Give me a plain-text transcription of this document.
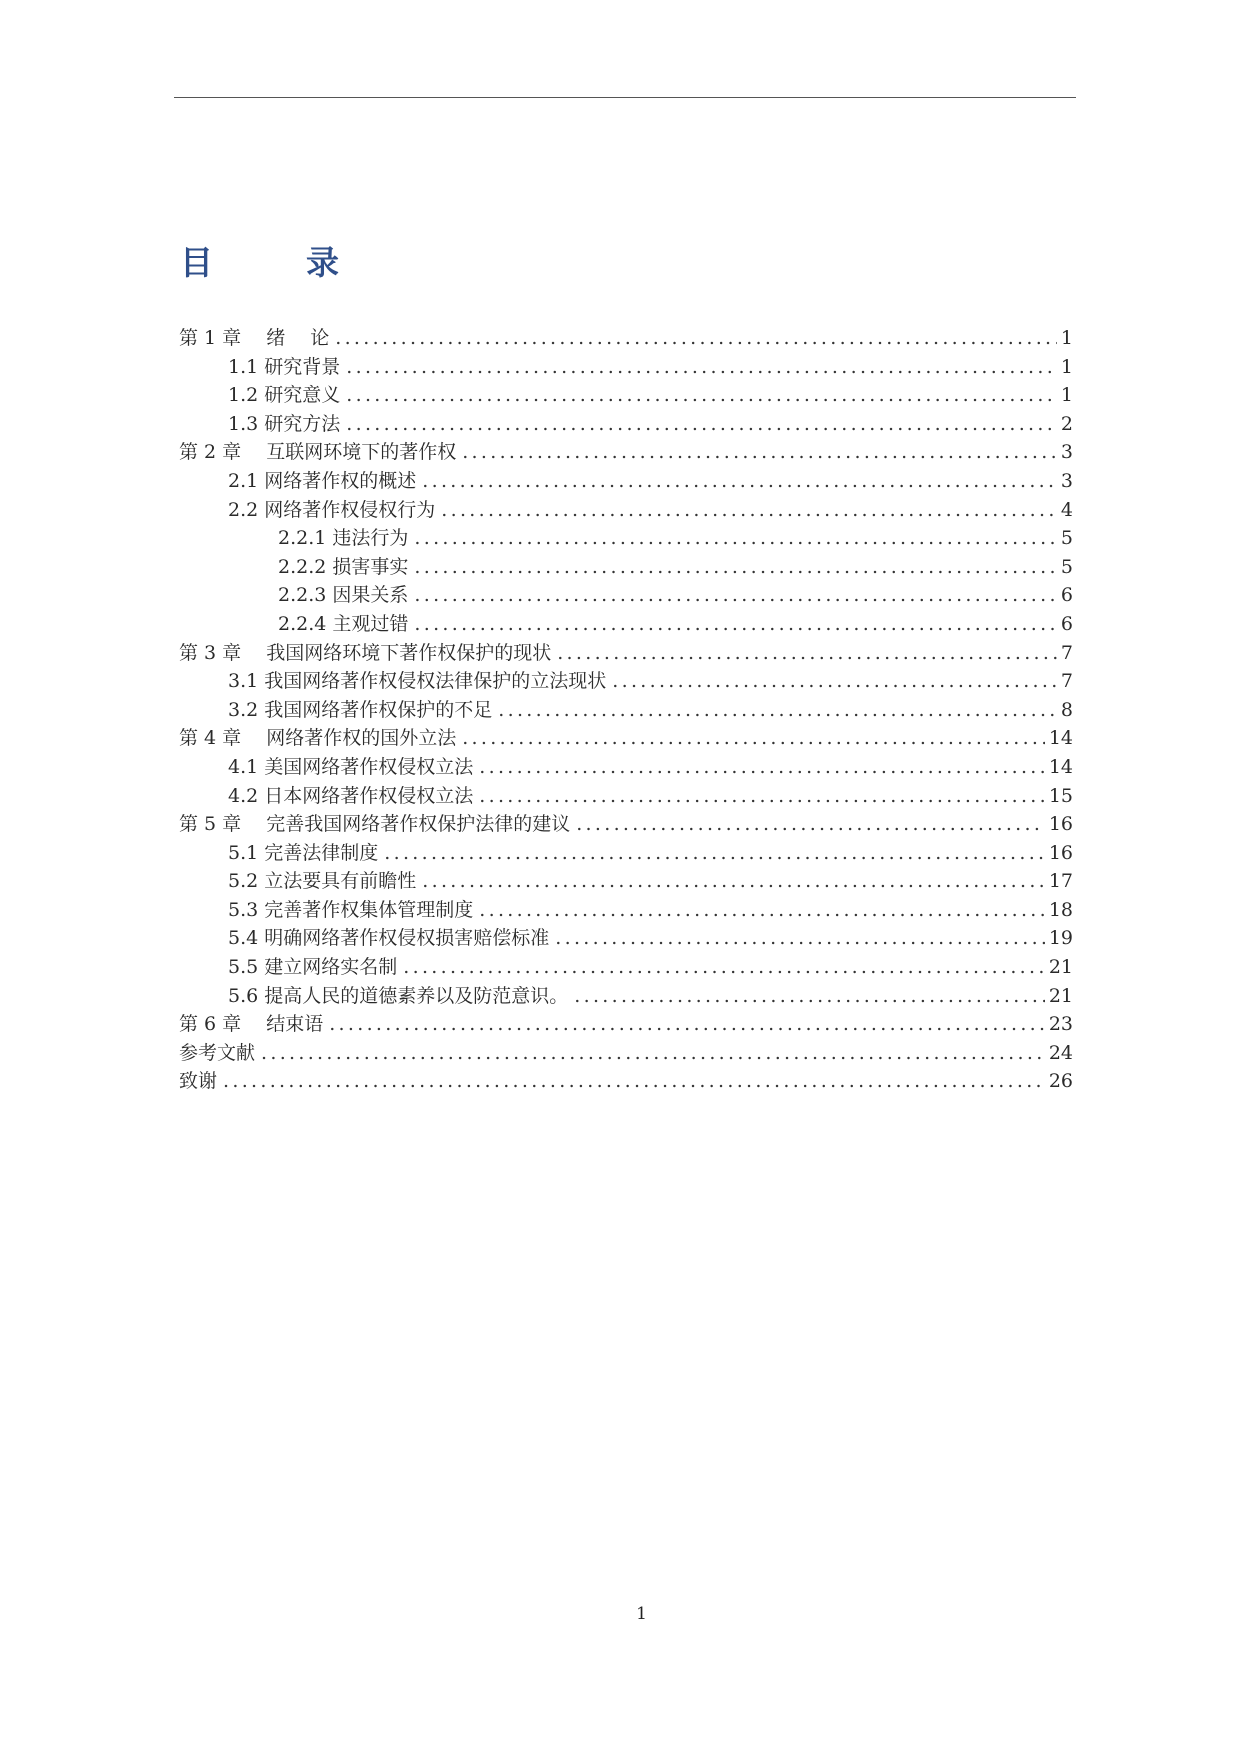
目　录
第 1 章　 绪　 论 .....	1
1.1 研究背景 .....	1
1.2 研究意义 .....	1
1.3 研究方法 .....	2
第 2 章　 互联网环境下的著作权 .....	3
2.1 网络著作权的概述 .....	3
2.2 网络著作权侵权行为 .....	4
2.2.1 违法行为 .....	5
2.2.2 损害事实 .....	5
2.2.3 因果关系 .....	6
2.2.4 主观过错 .....	6
第 3 章　 我国网络环境下著作权保护的现状 .....	7
3.1 我国网络著作权侵权法律保护的立法现状 .....	7
3.2 我国网络著作权保护的不足 .....	8
第 4 章　 网络著作权的国外立法 .....	14
4.1 美国网络著作权侵权立法 .....	14
4.2 日本网络著作权侵权立法 .....	15
第 5 章　 完善我国网络著作权保护法律的建议 .....	16
5.1 完善法律制度 .....	16
5.2 立法要具有前瞻性 .....	17
5.3 完善著作权集体管理制度 .....	18
5.4 明确网络著作权侵权损害赔偿标准 .....	19
5.5 建立网络实名制 .....	21
5.6 提高人民的道德素养以及防范意识。 .....	21
第 6 章　 结束语 .....	23
参考文献 .....	24
致谢 .....	26
1
